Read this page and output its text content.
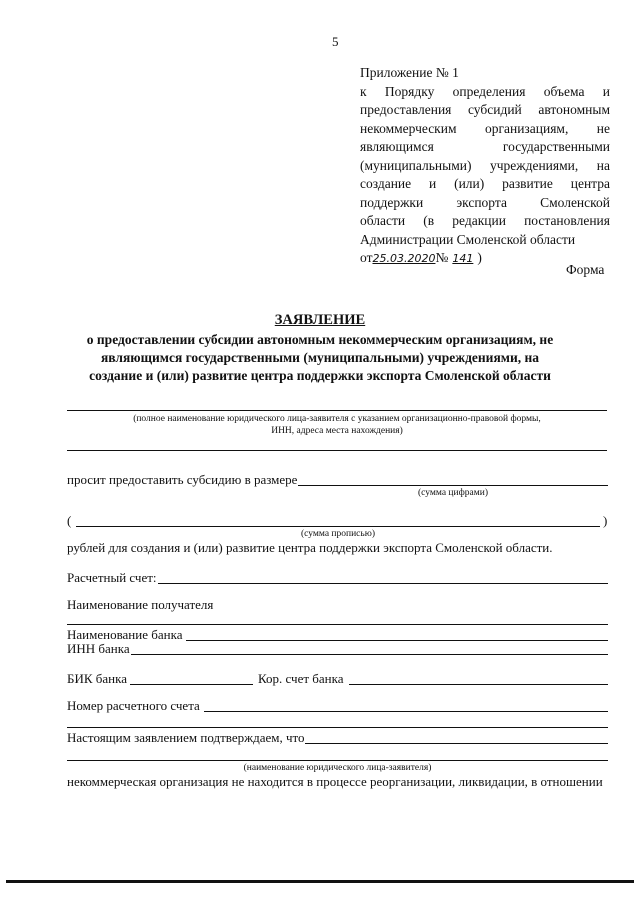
5
Приложение № 1
к Порядку определения объема и
предоставления субсидий автономным
некоммерческим организациям, не
являющимся государственными
(муниципальными) учреждениями, на
создание и (или) развитие центра
поддержки экспорта Смоленской
области (в редакции постановления
Администрации Смоленской области
от25.03.2020№ 141 )
Форма
ЗАЯВЛЕНИЕ
о предоставлении субсидии автономным некоммерческим организациям, не
являющимся государственными (муниципальными) учреждениями, на
создание и (или) развитие центра поддержки экспорта Смоленской области
(полное наименование юридического лица-заявителя с указанием организационно-правовой формы,
ИНН, адреса места нахождения)
просит предоставить субсидию в размере
(сумма цифрами)
(	)
(сумма прописью)
рублей для создания и (или) развитие центра поддержки экспорта Смоленской области.
Расчетный счет:
Наименование получателя
Наименование банка
ИНН банка
БИК банка	Кор. счет банка
Номер расчетного счета
Настоящим заявлением подтверждаем, что
(наименование юридического лица-заявителя)
некоммерческая организация не находится в процессе реорганизации, ликвидации, в отношении
